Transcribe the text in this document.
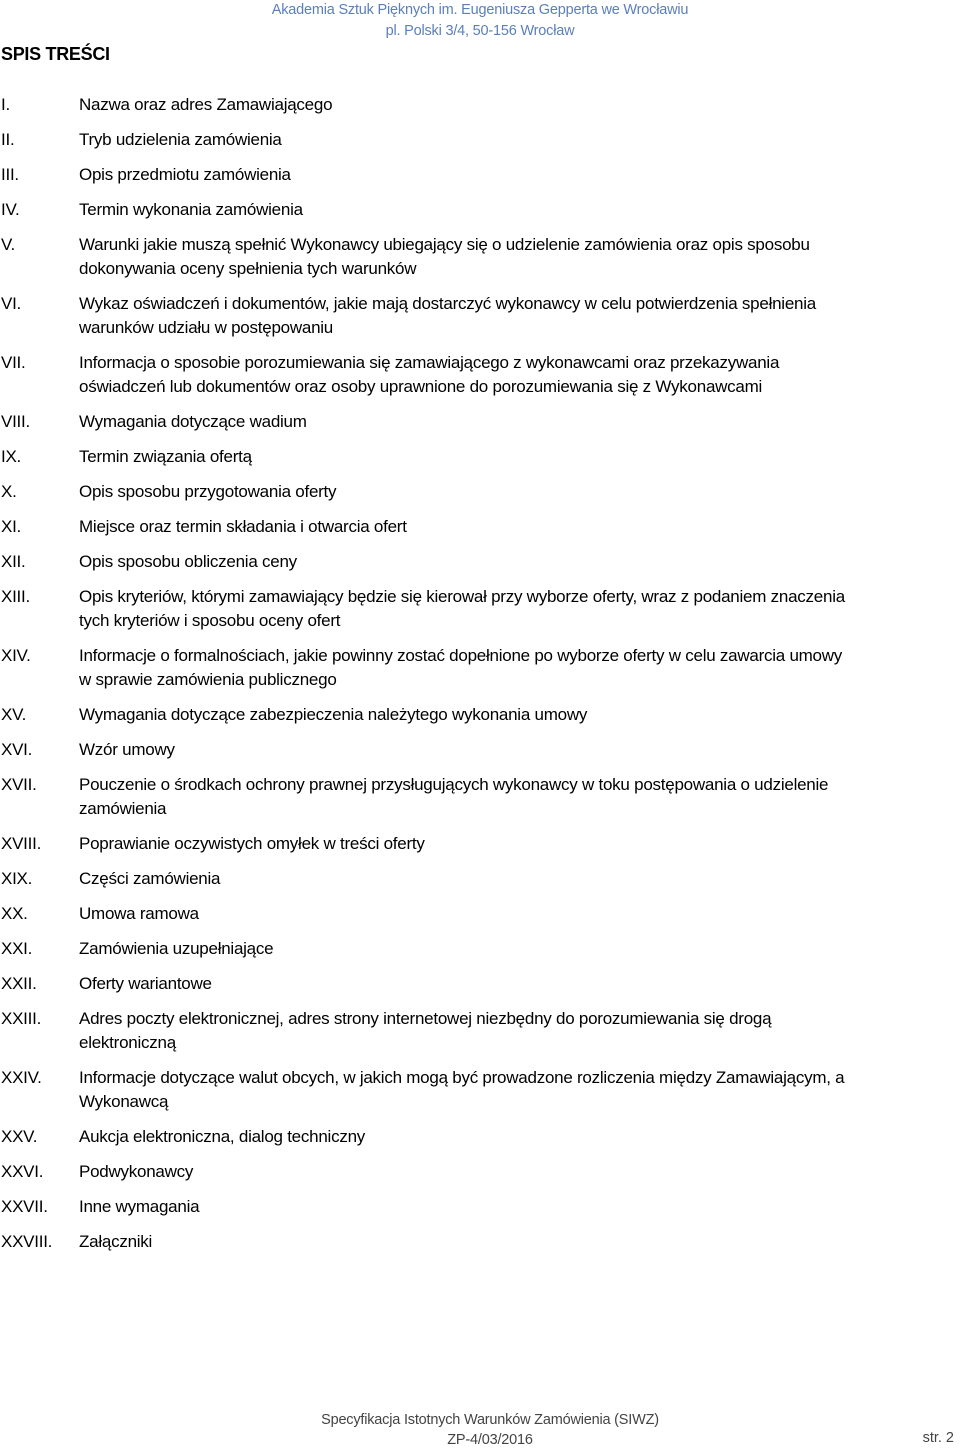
Akademia Sztuk Pięknych im. Eugeniusza Geppertа we Wrocławiu
pl. Polski 3/4, 50-156 Wrocław
SPIS TREŚCI
I.	Nazwa oraz adres Zamawiającego
II.	Tryb udzielenia zamówienia
III.	Opis przedmiotu zamówienia
IV.	Termin wykonania zamówienia
V.	Warunki jakie muszą spełnić Wykonawcy ubiegający się o udzielenie zamówienia oraz opis sposobu dokonywania oceny spełnienia tych warunków
VI.	Wykaz oświadczeń i dokumentów, jakie mają dostarczyć wykonawcy w celu potwierdzenia spełnienia warunków udziału w postępowaniu
VII.	Informacja o sposobie porozumiewania się zamawiającego z wykonawcami oraz przekazywania oświadczeń lub dokumentów oraz osoby uprawnione do porozumiewania się z Wykonawcami
VIII.	Wymagania dotyczące wadium
IX.	Termin związania ofertą
X.	Opis sposobu przygotowania oferty
XI.	Miejsce oraz termin składania i otwarcia ofert
XII.	Opis sposobu obliczenia ceny
XIII.	Opis kryteriów, którymi zamawiający będzie się kierował przy wyborze oferty, wraz z podaniem znaczenia tych kryteriów i sposobu oceny ofert
XIV.	Informacje o formalnościach, jakie powinny zostać dopełnione po wyborze oferty w celu zawarcia umowy w sprawie zamówienia publicznego
XV.	Wymagania dotyczące zabezpieczenia należytego wykonania umowy
XVI.	Wzór umowy
XVII.	Pouczenie o środkach ochrony prawnej przysługujących wykonawcy w toku postępowania o udzielenie zamówienia
XVIII.	Poprawianie oczywistych omyłek w treści oferty
XIX.	Części zamówienia
XX.	Umowa ramowa
XXI.	Zamówienia uzupełniające
XXII.	Oferty wariantowe
XXIII.	Adres poczty elektronicznej, adres strony internetowej niezbędny do porozumiewania się drogą elektroniczną
XXIV.	Informacje dotyczące walut obcych, w jakich mogą być prowadzone rozliczenia między Zamawiającym, a Wykonawcą
XXV.	Aukcja elektroniczna, dialog techniczny
XXVI.	Podwykonawcy
XXVII.	Inne wymagania
XXVIII.	Załączniki
Specyfikacja Istotnych Warunków Zamówienia (SIWZ)
ZP-4/03/2016	str. 2
